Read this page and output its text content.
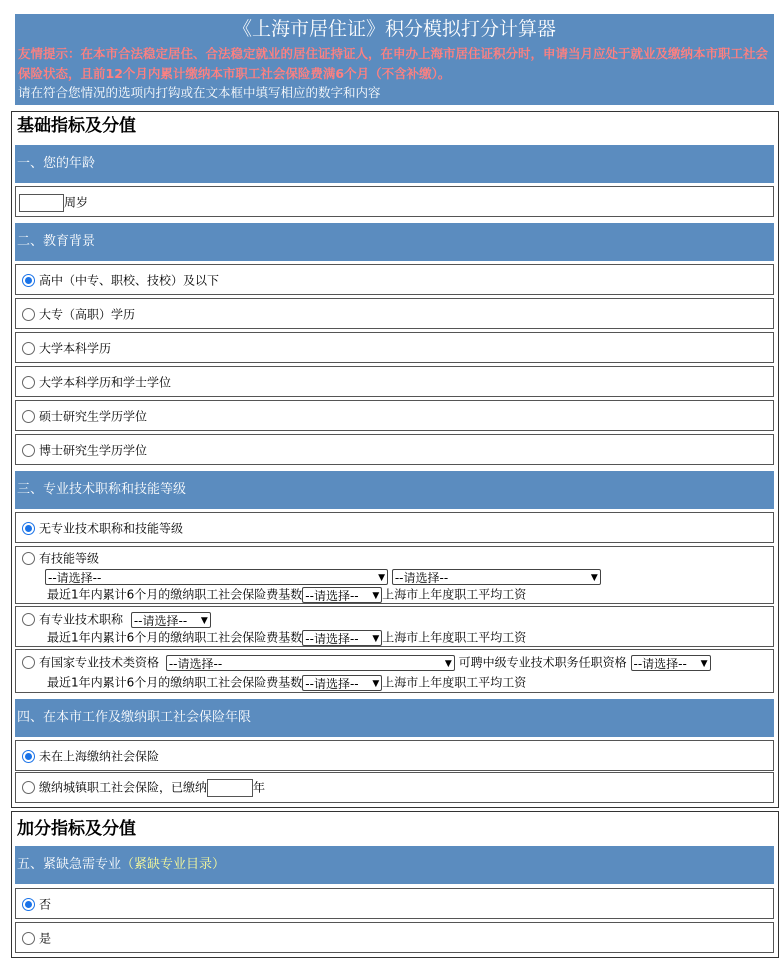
《上海市居住证》积分模拟打分计算器
友情提示：在本市合法稳定居住、合法稳定就业的居住证持证人，在申办上海市居住证积分时，申请当月应处于就业及缴纳本市职工社会保险状态，且前12个月内累计缴纳本市职工社会保险费满6个月（不含补缴）。
请在符合您情况的选项内打钩或在文本框中填写相应的数字和内容
基础指标及分值
一、您的年龄
周岁
二、教育背景
高中（中专、职校、技校）及以下
大专（高职）学历
大学本科学历
大学本科学历和学士学位
硕士研究生学历学位
博士研究生学历学位
三、专业技术职称和技能等级
无专业技术职称和技能等级
有技能等级
--请选择--	▼ --请选择--	▼
最近1年内累计6个月的缴纳职工社会保险费基数 --请选择-- ▼ 上海市上年度职工平均工资
有专业技术职称 --请选择-- ▼
最近1年内累计6个月的缴纳职工社会保险费基数 --请选择-- ▼ 上海市上年度职工平均工资
有国家专业技术类资格 --请选择--	▼ 可聘中级专业技术职务任职资格 --请选择-- ▼
最近1年内累计6个月的缴纳职工社会保险费基数 --请选择-- ▼ 上海市上年度职工平均工资
四、在本市工作及缴纳职工社会保险年限
未在上海缴纳社会保险
缴纳城镇职工社会保险，已缴纳	年
加分指标及分值
五、紧缺急需专业（紧缺专业目录）
否
是
